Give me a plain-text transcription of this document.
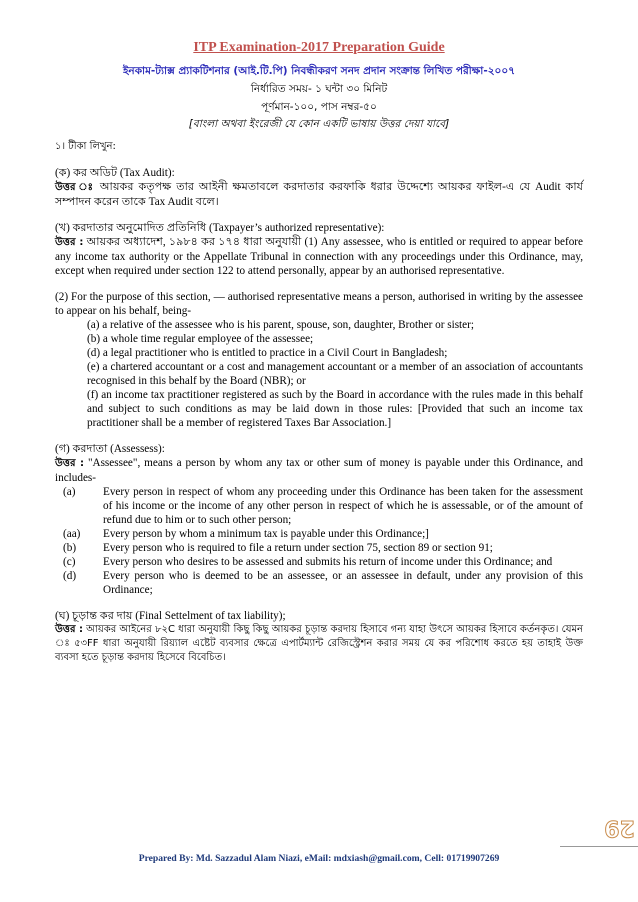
ITP Examination-2017 Preparation Guide
ইনকাম-ট্যাক্স প্র্যাকটিশনার (আই.টি.পি) নিবন্ধীকরণ সনদ প্রদান সংক্রান্ত লিখিত পরীক্ষা-২০০৭
নির্ধারিত সময়- ১ ঘন্টা ৩০ মিনিট
পূর্ণমান-১০০, পাস নম্বর-৫০
[বাংলা অথবা ইংরেজী যে কোন একটি ভাষায় উত্তর দেয়া যাবে]

১। টীকা লিখুন:

(ক) কর অডিট (Tax Audit):

উত্তর ঃ আয়কর কতৃপক্ষ তার আইনী ক্ষমতাবলে করদাতার করফাকি ধরার উদ্দেশ্যে আয়কর ফাইল-এ যে Audit কার্য সম্পাদন করেন তাকে Tax Audit বলে।

(খ) করদাতার অনুমোদিত প্রতিনিধি (Taxpayer’s authorized representative):

উত্তর : আয়কর অধ্যাদেশ, ১৯৮৪ কর ১৭৪ ধারা অনুযায়ী (1) Any assessee, who is entitled or required to appear before any income tax authority or the Appellate Tribunal in connection with any proceedings under this Ordinance, may, except when required under section 122 to attend personally, appear by an authorised representative.

(2) For the purpose of this section, ― authorised representative means a person, authorised in writing by the assessee to appear on his behalf, being-

(a) a relative of the assessee who is his parent, spouse, son, daughter, Brother or sister;

(b) a whole time regular employee of the assessee;

(d) a legal practitioner who is entitled to practice in a Civil Court in Bangladesh;

(e) a chartered accountant or a cost and management accountant or a member of an association of accountants recognised in this behalf by the Board (NBR); or

(f) an income tax practitioner registered as such by the Board in accordance with the rules made in this behalf and subject to such conditions as may be laid down in those rules: [Provided that such an income tax practitioner shall be a member of registered Taxes Bar Association.]

(গ) করদাতা (Assessess):

উত্তর : "Assessee", means a person by whom any tax or other sum of money is payable under this Ordinance, and includes-

(a)	Every person in respect of whom any proceeding under this Ordinance has been taken for the assessment of his income or the income of any other person in respect of which he is assessable, or of the amount of refund due to him or to such other person;
(aa)	Every person by whom a minimum tax is payable under this Ordinance;]
(b)	Every person who is required to file a return under section 75, section 89 or section 91;
(c)	Every person who desires to be assessed and submits his return of income under this Ordinance; and
(d)	Every person who is deemed to be an assessee, or an assessee in default, under any provision of this Ordinance;

(ঘ) চূড়ান্ত কর দায় (Final Settelment of tax liability);

উত্তর : আয়কর আইনের ৮২C ধারা অনুযায়ী কিছু কিছু আয়কর চূড়ান্ত করদায় হিসাবে গন্য যাহা উৎসে আয়কর হিসাবে কর্তনকৃত। যেমন ঃ ৫৩FF ধারা অনুযায়ী রিয়্যাল এষ্টেট ব্যবসার ক্ষেত্রে এপার্টম্যান্ট রেজিস্ট্রেশন করার সময় যে কর পরিশোধ করতে হয় তাহাই উক্ত ব্যবসা হতে চূড়ান্ত করদায় হিসেবে বিবেচিত।

29
Prepared By: Md. Sazzadul Alam Niazi, eMail: mdxiash@gmail.com, Cell: 01719907269
